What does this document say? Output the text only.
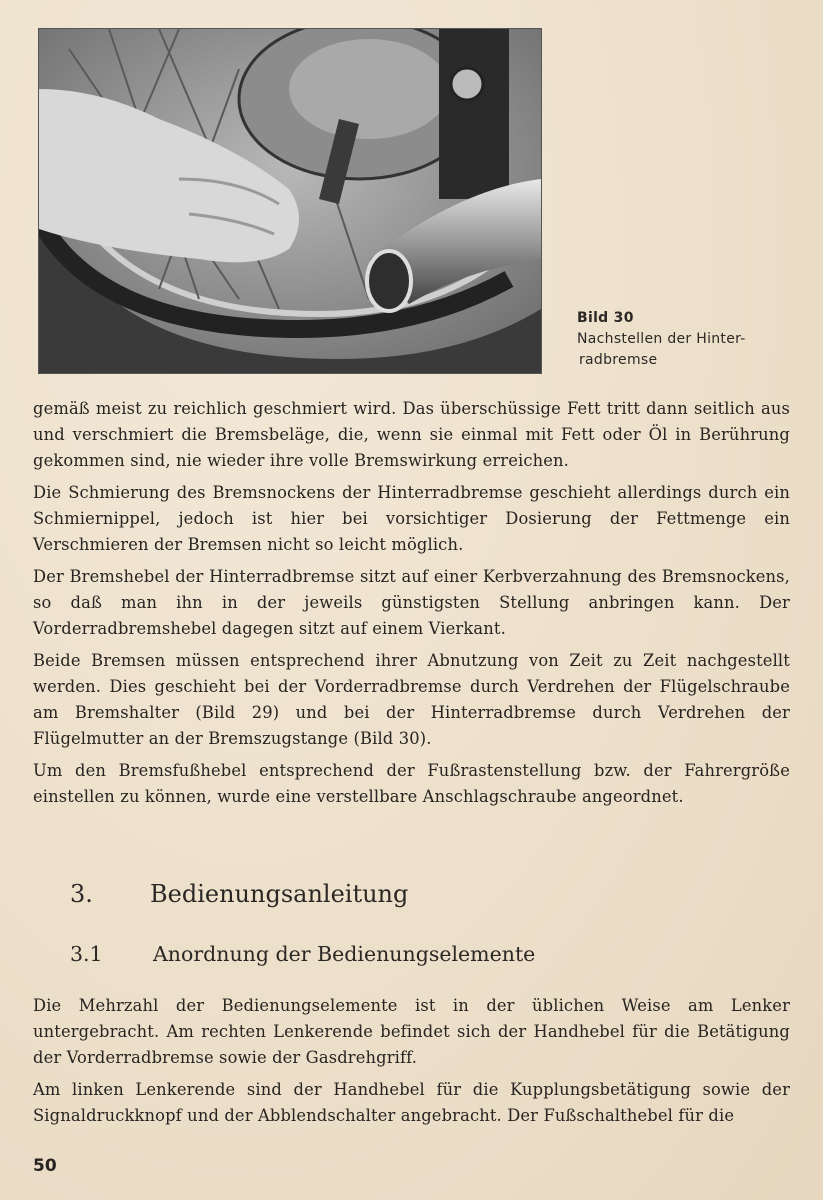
Bild 30
Nachstellen der Hinter-
radbremse

gemäß meist zu reichlich geschmiert wird. Das überschüssige Fett tritt dann seitlich aus und verschmiert die Bremsbeläge, die, wenn sie einmal mit Fett oder Öl in Berührung gekommen sind, nie wieder ihre volle Bremswirkung erreichen.

Die Schmierung des Bremsnockens der Hinterradbremse geschieht allerdings durch ein Schmiernippel, jedoch ist hier bei vorsichtiger Dosierung der Fettmenge ein Verschmieren der Bremsen nicht so leicht möglich.

Der Bremshebel der Hinterradbremse sitzt auf einer Kerbverzahnung des Bremsnockens, so daß man ihn in der jeweils günstigsten Stellung anbringen kann. Der Vorderradbremshebel dagegen sitzt auf einem Vierkant.

Beide Bremsen müssen entsprechend ihrer Abnutzung von Zeit zu Zeit nachgestellt werden. Dies geschieht bei der Vorderradbremse durch Verdrehen der Flügelschraube am Bremshalter (Bild 29) und bei der Hinterradbremse durch Verdrehen der Flügelmutter an der Bremszugstange (Bild 30).

Um den Bremsfußhebel entsprechend der Fußrastenstellung bzw. der Fahrergröße einstellen zu können, wurde eine verstellbare Anschlagschraube angeordnet.

3. Bedienungsanleitung
3.1 Anordnung der Bedienungselemente

Die Mehrzahl der Bedienungselemente ist in der üblichen Weise am Lenker untergebracht. Am rechten Lenkerende befindet sich der Handhebel für die Betätigung der Vorderradbremse sowie der Gasdrehgriff.

Am linken Lenkerende sind der Handhebel für die Kupplungsbetätigung sowie der Signaldruckknopf und der Abblendschalter angebracht. Der Fußschalthebel für die

50
